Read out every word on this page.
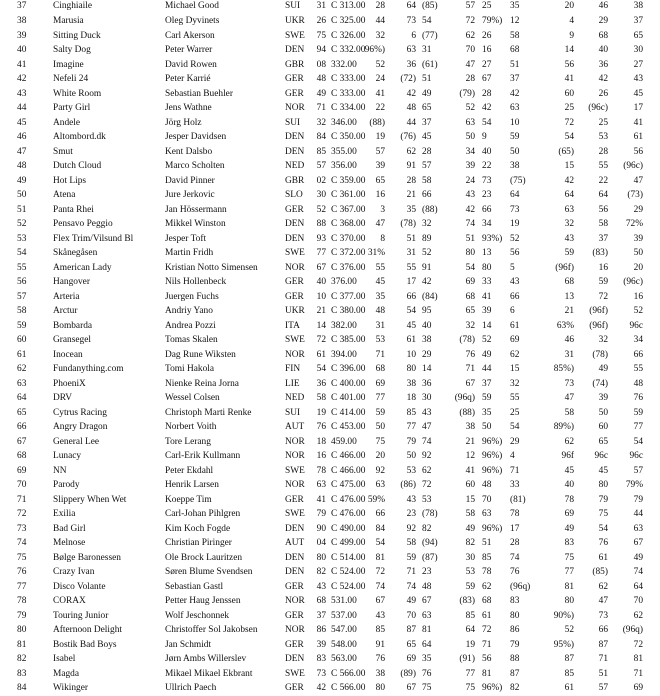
37	Cinghiaile	Michael Good	SUI	31 C 313.00	28	64 (85)	57 25	35	20	46	38
38	Marusia	Oleg Dyvinets	UKR	26 C 325.00	44	73 54	72 79%) 12	4	29	37
39	Sitting Duck	Carl Akerson	SWE	75 C 326.00	32	6 (77)	62 26	58	9	68	65
40	Salty Dog	Peter Warrer	DEN	94 C 332.00 96%)	63 31	70 16	68	14	40	30
41	Imagine	David Rowen	GBR	08 332.00	52	36 (61)	47 27	51	56	36	27
42	Nefeli 24	Peter Karrié	GER	48 C 333.00	24	(72) 51	28 67	37	41	42	43
43	White Room	Sebastian Buehler	GER	49 C 333.00	41	42 49	(79) 28	42	60	26	45
44	Party Girl	Jens Wathne	NOR	71 C 334.00	22	48 65	52 42	63	25	(96c)	17
45	Andele	Jörg Holz	SUI	32 346.00	(88)	44 37	63 54	10	72	25	41
46	Altombord.dk	Jesper Davidsen	DEN	84 C 350.00	19	(76) 45	50 9	59	54	53	61
47	Smut	Kent Dalsbo	DEN	85 355.00	57	62 28	34 40	50	(65)	28	56
48	Dutch Cloud	Marco Scholten	NED	57 356.00	39	91 57	39 22	38	15	55	(96c)
49	Hot Lips	David Pinner	GBR	02 C 359.00	65	28 58	24 73	(75)	42	22	47
50	Atena	Jure Jerkovic	SLO	30 C 361.00	16	21 66	43 23	64	64	64	(73)
51	Panta Rhei	Jan Hössermann	GER	52 C 367.00	3	35 (88)	42 66	73	63	56	29
52	Pensavo Peggio	Mikkel Winston	DEN	88 C 368.00	47	(78) 32	74 34	19	32	58	72%
53	Flex Trim/Vilsund Bl	Jesper Toft	DEN	93 C 370.00	8	51 89	51 93%) 52	43	37	39
54	Skånegåsen	Martin Fridh	SWE	77 C 372.00 31%	31 52	80 13	56	59	(83)	50
55	American Lady	Kristian Notto Simensen	NOR	67 C 376.00	55	55 91	54 80	5	(96f)	16	20
56	Hangover	Nils Hollenbeck	GER	40 376.00	45	17 42	69 33	43	68	59	(96c)
57	Arteria	Juergen Fuchs	GER	10 C 377.00	35	66 (84)	68 41	66	13	72	16
58	Arctur	Andriy Yano	UKR	21 C 380.00	48	54 95	65 39	6	21	(96f)	52
59	Bombarda	Andrea Pozzi	ITA	14 382.00	31	45 40	32 14	61	63%	(96f)	96c
60	Gransegel	Tomas Skalen	SWE	72 C 385.00	53	61 38	(78) 52	69	46	32	34
61	Inocean	Dag Rune Wiksten	NOR	61 394.00	71	10 29	76 49	62	31	(78)	66
62	Fundanything.com	Tomi Hakola	FIN	54 C 396.00	68	80 14	71 44	15	85%)	49	55
63	PhoeniX	Nienke Reina Jorna	LIE	36 C 400.00	69	38 36	67 37	32	73	(74)	48
64	DRV	Wessel Colsen	NED	58 C 401.00	77	18 30	(96q) 59	55	47	39	76
65	Cytrus Racing	Christoph Marti Renke	SUI	19 C 414.00	59	85 43	(88) 35	25	58	50	59
66	Angry Dragon	Norbert Voith	AUT	76 C 453.00	50	77 47	38 50	54	89%)	60	77
67	General Lee	Tore Lerang	NOR	18 459.00	75	79 74	21 96%) 29	62	65	54
68	Lunacy	Carl-Erik Kullmann	NOR	16 C 466.00	20	50 92	12 96%) 4	96f	96c	96c
69	NN	Peter Ekdahl	SWE	78 C 466.00	92	53 62	41 96%) 71	45	45	57
70	Parody	Henrik Larsen	NOR	63 C 475.00	63	(86) 72	60 48	33	40	80	79%
71	Slippery When Wet	Koeppe Tim	GER	41 C 476.00 59%	43 53	15 70	(81)	78	79	79
72	Exilia	Carl-Johan Pihlgren	SWE	79 C 476.00	66	23 (78)	58 63	78	69	75	44
73	Bad Girl	Kim Koch Fogde	DEN	90 C 490.00	84	92 82	49 96%) 17	49	54	63
74	Melnose	Christian Piringer	AUT	04 C 499.00	54	58 (94)	82 51	28	83	76	67
75	Bølge Baronessen	Ole Brock Lauritzen	DEN	80 C 514.00	81	59 (87)	30 85	74	75	61	49
76	Crazy Ivan	Søren Blume Svendsen	DEN	82 C 524.00	72	71 23	53 78	76	77	(85)	74
77	Disco Volante	Sebastian Gastl	GER	43 C 524.00	74	74 48	59 62	(96q)	81	62	64
78	CORAX	Petter Haug Jenssen	NOR	68 531.00	67	49 67	(83) 68	83	80	47	70
79	Touring Junior	Wolf Jeschonnek	GER	37 537.00	43	70 63	85 61	80	90%)	73	62
80	Afternoon Delight	Christoffer Sol Jakobsen	NOR	86 547.00	85	87 81	64 72	86	52	66	(96q)
81	Bostik Bad Boys	Jan Schmidt	GER	39 548.00	91	65 64	19 71	79	95%)	87	72
82	Isabel	Jørn Ambs Willerslev	DEN	83 563.00	76	69 35	(91) 56	88	87	71	81
83	Magda	Mikael Mikael Ekbrant	SWE	73 C 566.00	38	(89) 76	77 81	87	85	51	71
84	Wikinger	Ullrich Paech	GER	42 C 566.00	80	67 75	75 96%) 82	61	57	69
